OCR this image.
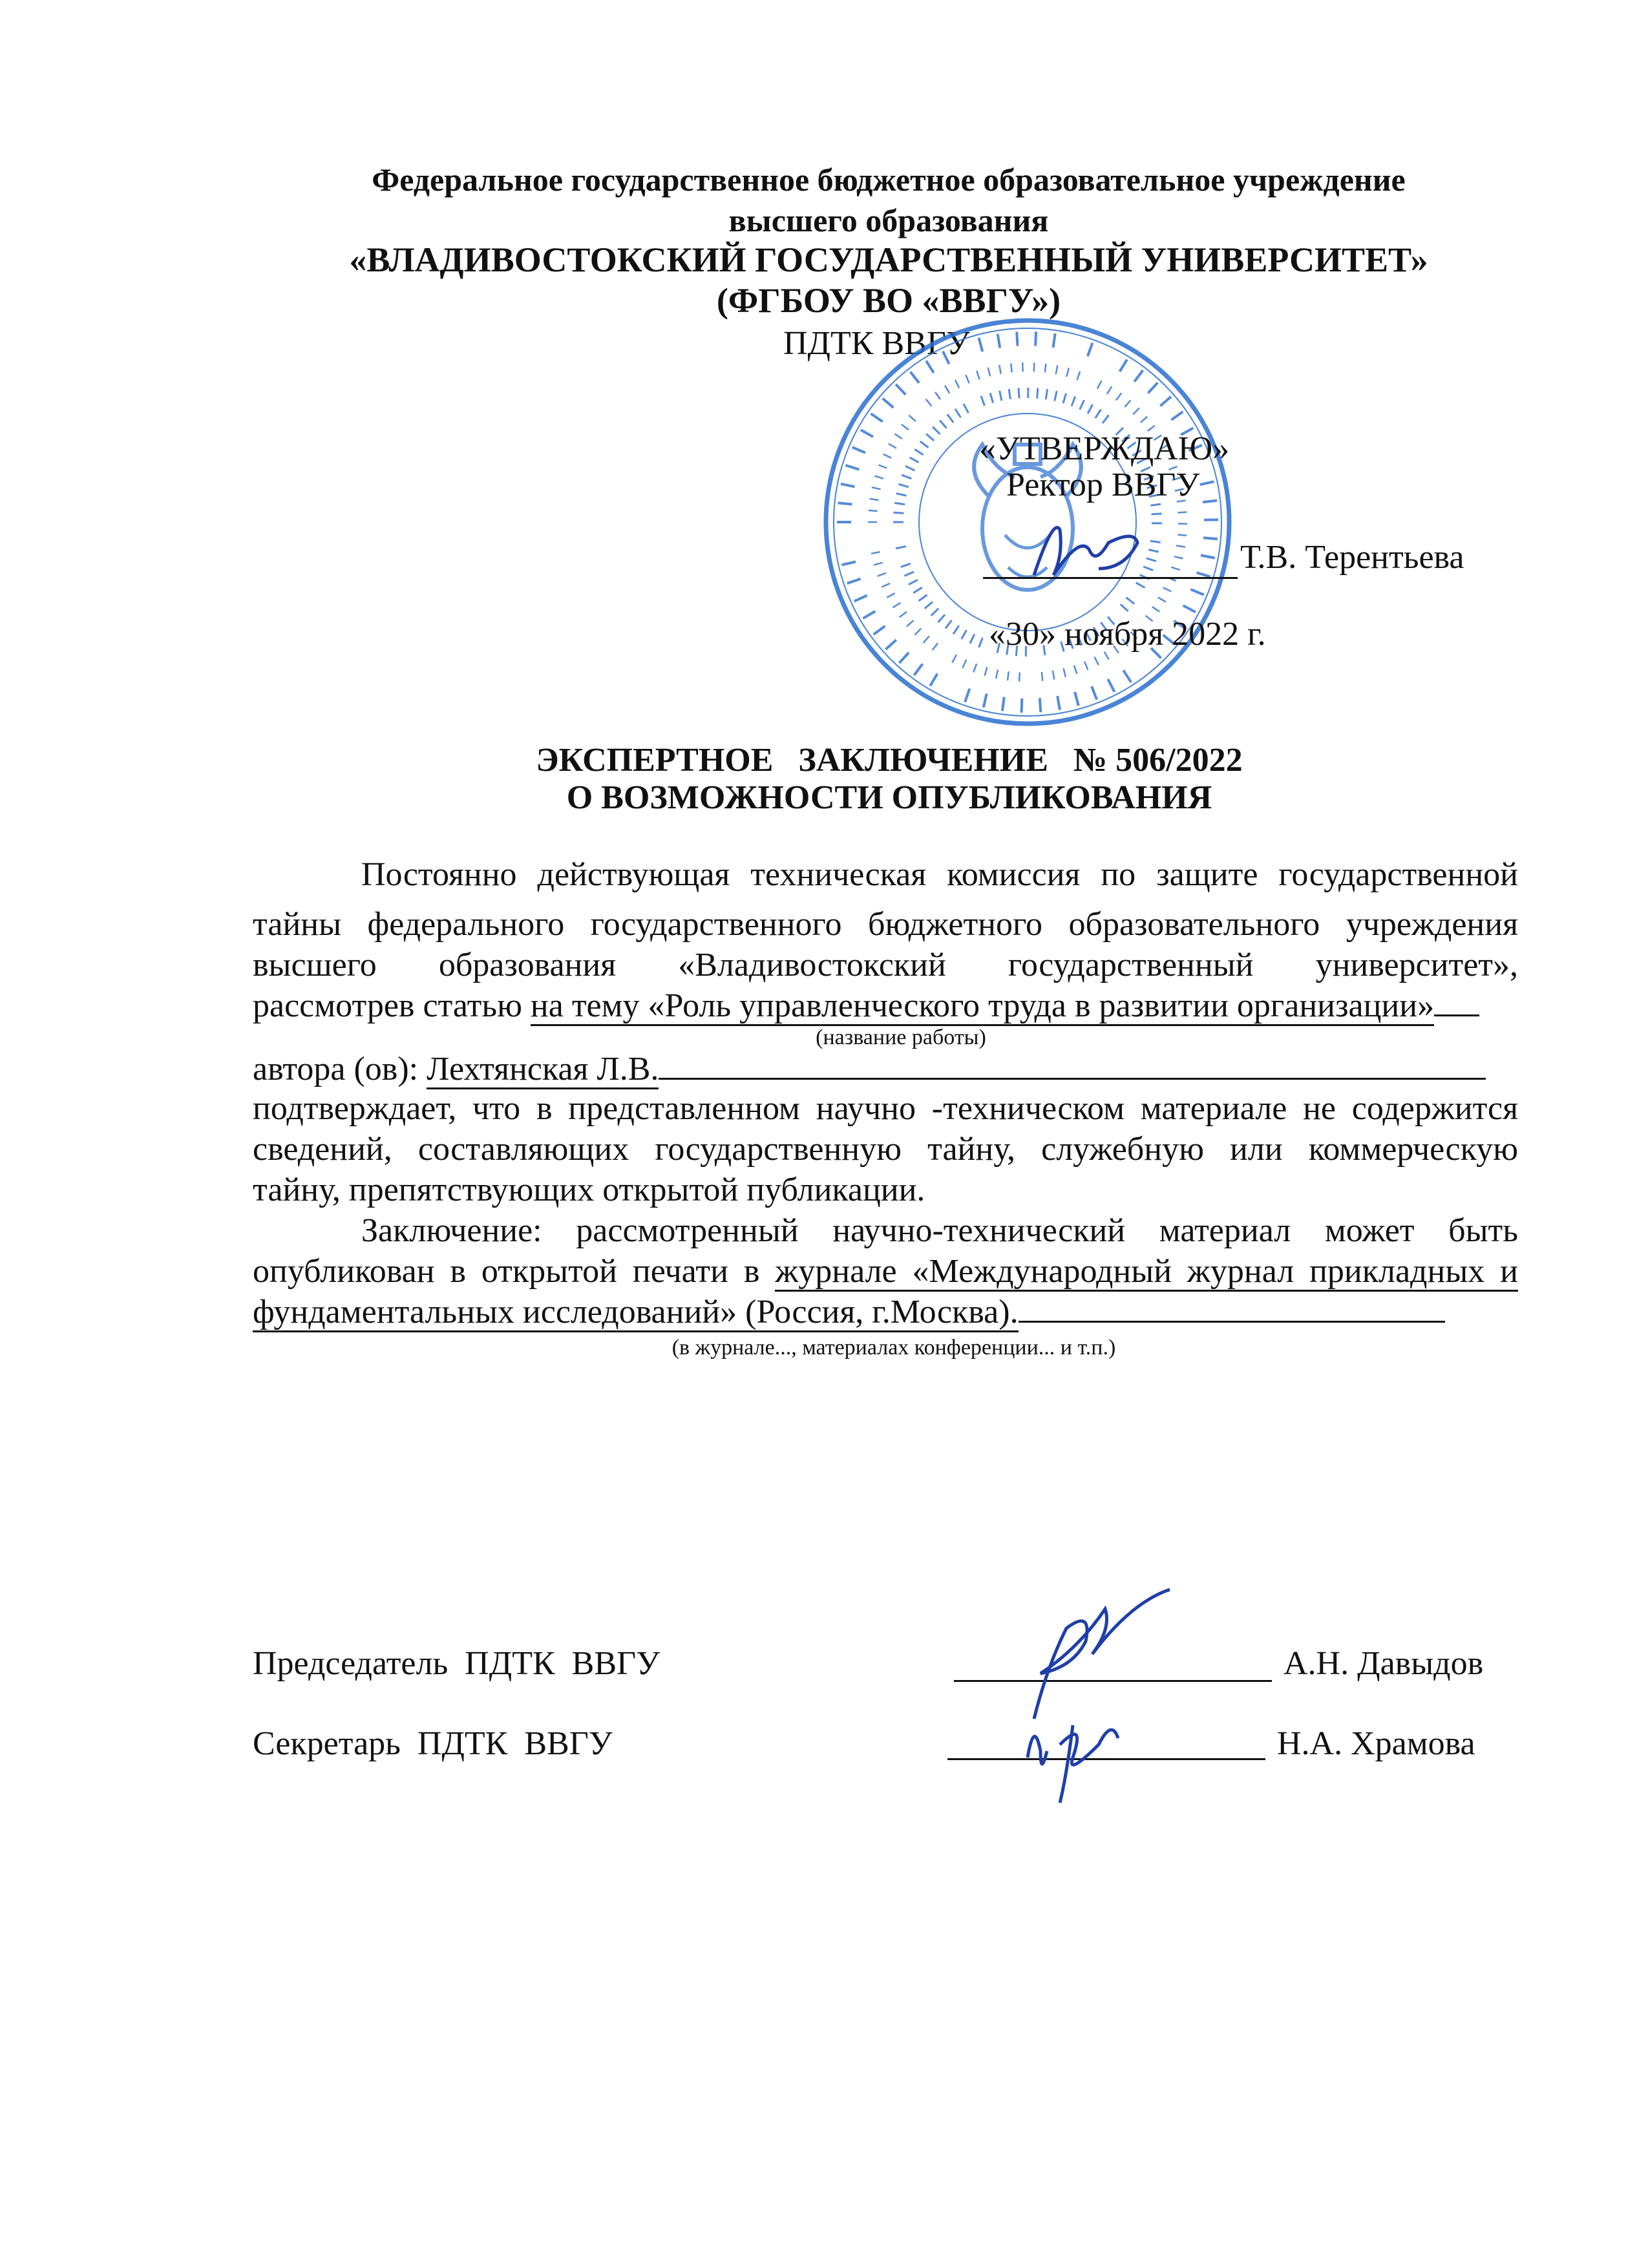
Федеральное государственное бюджетное образовательное учреждение
высшего образования
«ВЛАДИВОСТОКСКИЙ ГОСУДАРСТВЕННЫЙ УНИВЕРСИТЕТ»
(ФГБОУ ВО «ВВГУ»)
ПДТК ВВГУ
«УТВЕРЖДАЮ»
Ректор ВВГУ
Т.В. Терентьева
«30» ноября 2022 г.
ЭКСПЕРТНОЕ   ЗАКЛЮЧЕНИЕ   № 506/2022
О ВОЗМОЖНОСТИ ОПУБЛИКОВАНИЯ
Постоянно действующая техническая комиссия по защите государственной
тайны федерального государственного бюджетного образовательного учреждения
высшего образования «Владивостокский государственный университет»,
рассмотрев статью на тему «Роль управленческого труда в развитии организации»
(название работы)
автора (ов): Лехтянская Л.В.
подтверждает, что в представленном научно -техническом материале не содержится
сведений, составляющих государственную тайну, служебную или коммерческую
тайну, препятствующих открытой публикации.
Заключение: рассмотренный научно-технический материал может быть
опубликован в открытой печати в журнале «Международный журнал прикладных и
фундаментальных исследований» (Россия, г.Москва).
(в журнале..., материалах конференции... и т.п.)
Председатель  ПДТК  ВВГУ	А.Н. Давыдов
Секретарь  ПДТК  ВВГУ	Н.А. Храмова
